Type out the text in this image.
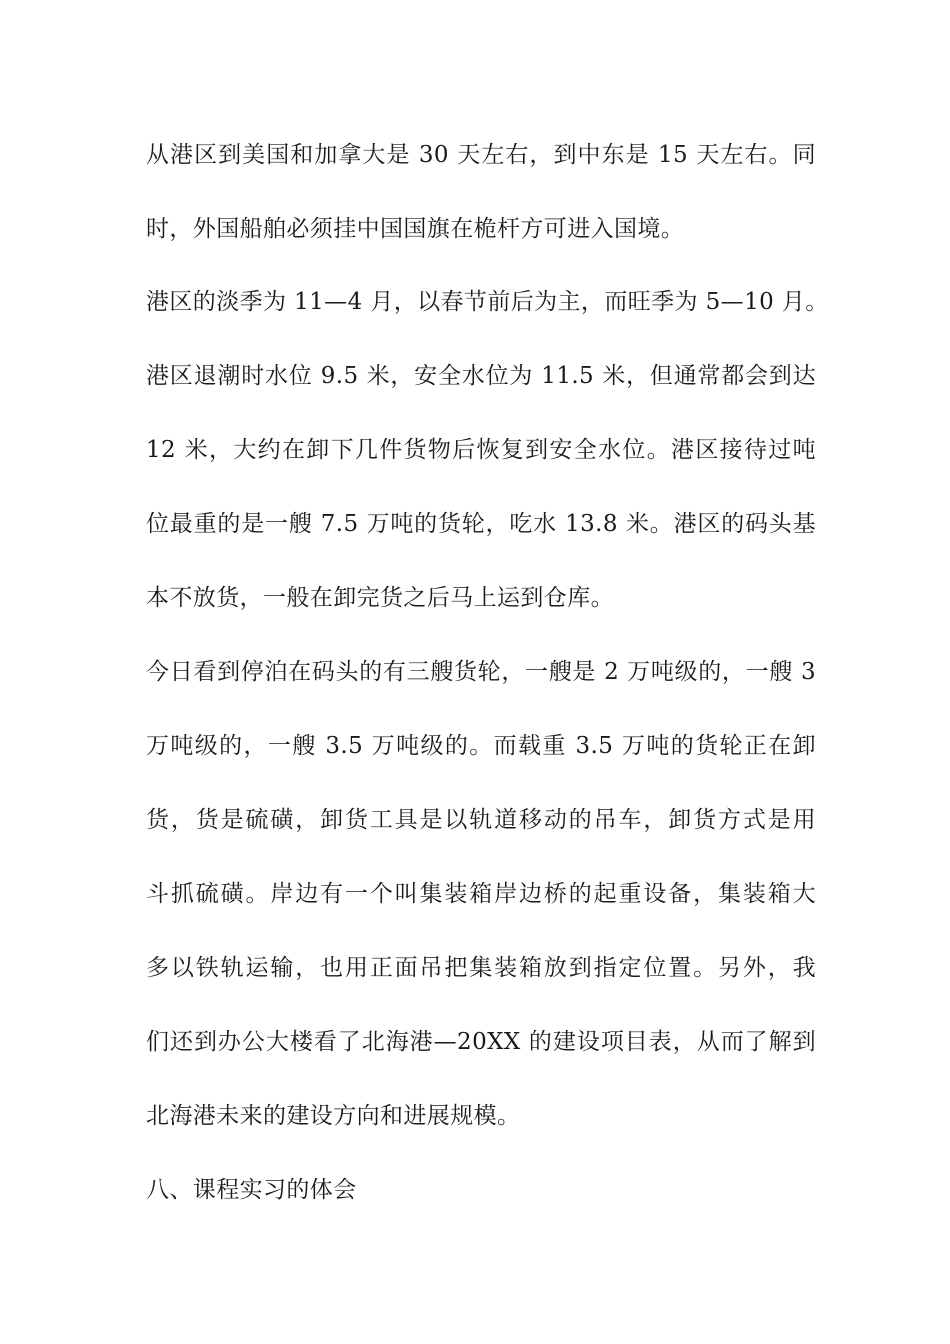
从港区到美国和加拿大是 30 天左右，到中东是 15 天左右。同
时，外国船舶必须挂中国国旗在桅杆方可进入国境。
港区的淡季为 11—4 月，以春节前后为主，而旺季为 5—10 月。
港区退潮时水位 9.5 米，安全水位为 11.5 米，但通常都会到达
12 米，大约在卸下几件货物后恢复到安全水位。港区接待过吨
位最重的是一艘 7.5 万吨的货轮，吃水 13.8 米。港区的码头基
本不放货，一般在卸完货之后马上运到仓库。
今日看到停泊在码头的有三艘货轮，一艘是 2 万吨级的，一艘 3
万吨级的，一艘 3.5 万吨级的。而载重 3.5 万吨的货轮正在卸
货，货是硫磺，卸货工具是以轨道移动的吊车，卸货方式是用
斗抓硫磺。岸边有一个叫集装箱岸边桥的起重设备，集装箱大
多以铁轨运输，也用正面吊把集装箱放到指定位置。另外，我
们还到办公大楼看了北海港—20XX 的建设项目表，从而了解到
北海港未来的建设方向和进展规模。
八、课程实习的体会
